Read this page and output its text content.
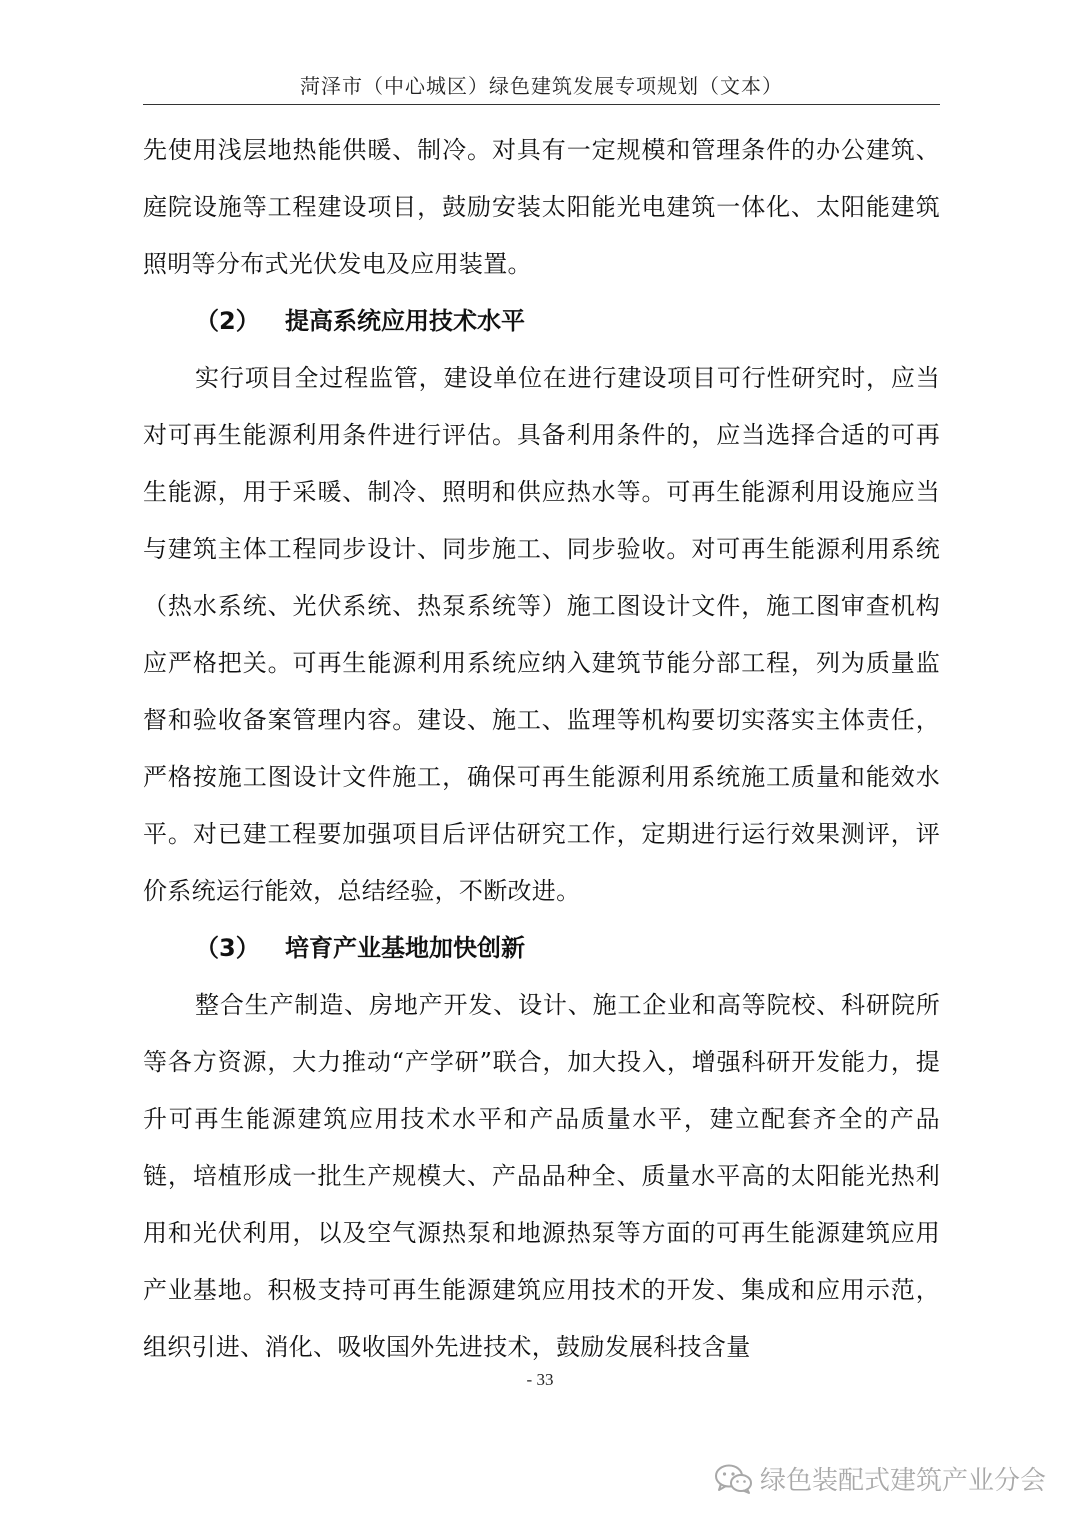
菏泽市（中心城区）绿色建筑发展专项规划（文本）

先使用浅层地热能供暖、制冷。对具有一定规模和管理条件的办公建筑、庭院设施等工程建设项目，鼓励安装太阳能光电建筑一体化、太阳能建筑照明等分布式光伏发电及应用装置。

（2） 提高系统应用技术水平

实行项目全过程监管，建设单位在进行建设项目可行性研究时，应当对可再生能源利用条件进行评估。具备利用条件的，应当选择合适的可再生能源，用于采暖、制冷、照明和供应热水等。可再生能源利用设施应当与建筑主体工程同步设计、同步施工、同步验收。对可再生能源利用系统（热水系统、光伏系统、热泵系统等）施工图设计文件，施工图审查机构应严格把关。可再生能源利用系统应纳入建筑节能分部工程，列为质量监督和验收备案管理内容。建设、施工、监理等机构要切实落实主体责任，严格按施工图设计文件施工，确保可再生能源利用系统施工质量和能效水平。对已建工程要加强项目后评估研究工作，定期进行运行效果测评，评价系统运行能效，总结经验，不断改进。

（3） 培育产业基地加快创新

整合生产制造、房地产开发、设计、施工企业和高等院校、科研院所等各方资源，大力推动“产学研”联合，加大投入，增强科研开发能力，提升可再生能源建筑应用技术水平和产品质量水平，建立配套齐全的产品链，培植形成一批生产规模大、产品品种全、质量水平高的太阳能光热利用和光伏利用，以及空气源热泵和地源热泵等方面的可再生能源建筑应用产业基地。积极支持可再生能源建筑应用技术的开发、集成和应用示范，组织引进、消化、吸收国外先进技术，鼓励发展科技含量

- 33
绿色装配式建筑产业分会
